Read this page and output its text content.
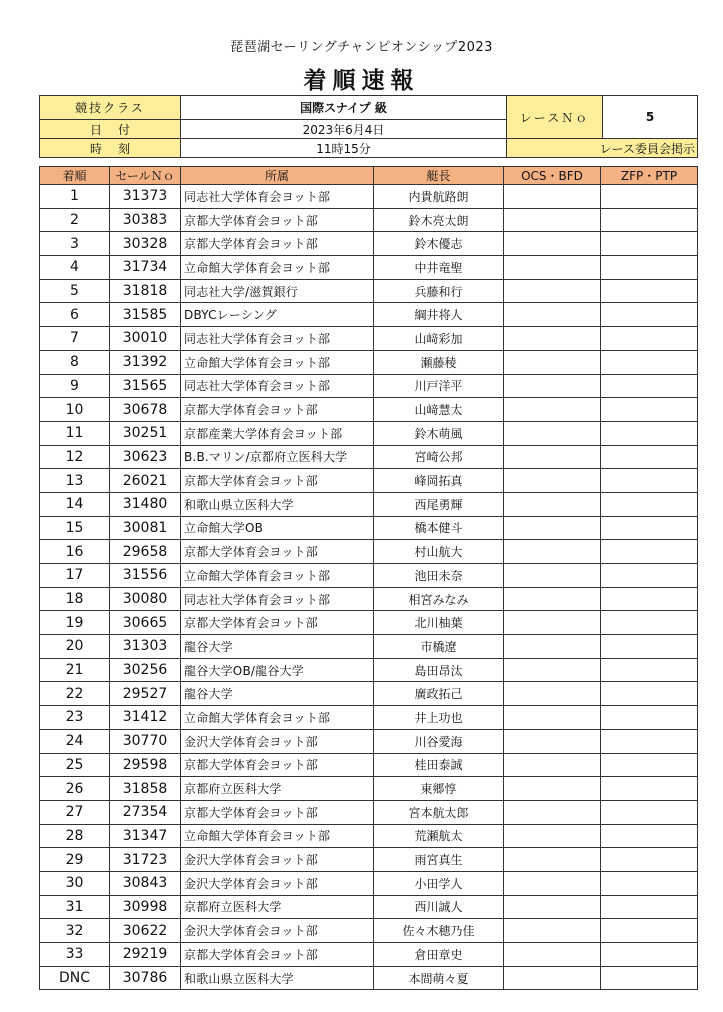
琵琶湖セーリングチャンピオンシップ2023
着順速報
競技クラス	国際スナイプ 級	レースＮｏ	5
日付	2023年6月4日		
時刻	11時15分	レース委員会掲示	
着順	セールＮｏ	所属	艇長	OCS・BFD	ZFP・PTP
1	31373	同志社大学体育会ヨット部	内貴航路朗		
2	30383	京都大学体育会ヨット部	鈴木亮太朗		
3	30328	京都大学体育会ヨット部	鈴木優志		
4	31734	立命館大学体育会ヨット部	中井竜聖		
5	31818	同志社大学/滋賀銀行	兵藤和行		
6	31585	DBYCレーシング	綱井将人		
7	30010	同志社大学体育会ヨット部	山﨑彩加		
8	31392	立命館大学体育会ヨット部	瀬藤稜		
9	31565	同志社大学体育会ヨット部	川戸洋平		
10	30678	京都大学体育会ヨット部	山﨑慧太		
11	30251	京都産業大学体育会ヨット部	鈴木萌風		
12	30623	B.B.マリン/京都府立医科大学	宮崎公邦		
13	26021	京都大学体育会ヨット部	峰岡拓真		
14	31480	和歌山県立医科大学	西尾勇輝		
15	30081	立命館大学OB	橋本健斗		
16	29658	京都大学体育会ヨット部	村山航大		
17	31556	立命館大学体育会ヨット部	池田未奈		
18	30080	同志社大学体育会ヨット部	相宮みなみ		
19	30665	京都大学体育会ヨット部	北川柚葉		
20	31303	龍谷大学	市橋遼		
21	30256	龍谷大学OB/龍谷大学	島田昂汰		
22	29527	龍谷大学	廣政拓己		
23	31412	立命館大学体育会ヨット部	井上功也		
24	30770	金沢大学体育会ヨット部	川谷愛海		
25	29598	京都大学体育会ヨット部	桂田泰誠		
26	31858	京都府立医科大学	東郷惇		
27	27354	京都大学体育会ヨット部	宮本航太郎		
28	31347	立命館大学体育会ヨット部	荒瀬航太		
29	31723	金沢大学体育会ヨット部	雨宮真生		
30	30843	金沢大学体育会ヨット部	小田学人		
31	30998	京都府立医科大学	西川誠人		
32	30622	金沢大学体育会ヨット部	佐々木穂乃佳		
33	29219	京都大学体育会ヨット部	倉田章史		
DNC	30786	和歌山県立医科大学	本間萌々夏		
